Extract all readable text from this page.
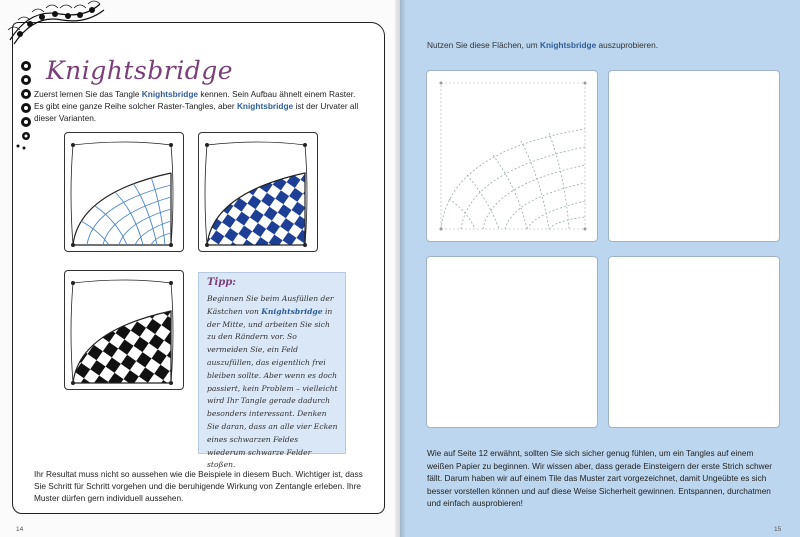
Knightsbridge
Zuerst lernen Sie das Tangle Knightsbridge kennen. Sein Aufbau ähnelt einem Raster. Es gibt eine ganze Reihe solcher Raster-Tangles, aber Knightsbridge ist der Urvater all dieser Varianten.
Tipp:
Beginnen Sie beim Ausfüllen der Kästchen von Knightsbridge in der Mitte, und arbeiten Sie sich zu den Rändern vor. So vermeiden Sie, ein Feld auszufüllen, das eigentlich frei bleiben sollte. Aber wenn es doch passiert, kein Problem – vielleicht wird Ihr Tangle gerade dadurch besonders interessant. Denken Sie daran, dass an alle vier Ecken eines schwarzen Feldes wiederum schwarze Felder stoßen.
Ihr Resultat muss nicht so aussehen wie die Beispiele in diesem Buch. Wichtiger ist, dass Sie Schritt für Schritt vorgehen und die beruhigende Wirkung von Zentangle erleben. Ihre Muster dürfen gern individuell aussehen.
14
Nutzen Sie diese Flächen, um Knightsbridge auszuprobieren.
Wie auf Seite 12 erwähnt, sollten Sie sich sicher genug fühlen, um ein Tangles auf einem weißen Papier zu beginnen. Wir wissen aber, dass gerade Einsteigern der erste Strich schwer fällt. Darum haben wir auf einem Tile das Muster zart vorgezeichnet, damit Ungeübte es sich besser vorstellen können und auf diese Weise Sicherheit gewinnen. Entspannen, durchatmen und einfach ausprobieren!
15
